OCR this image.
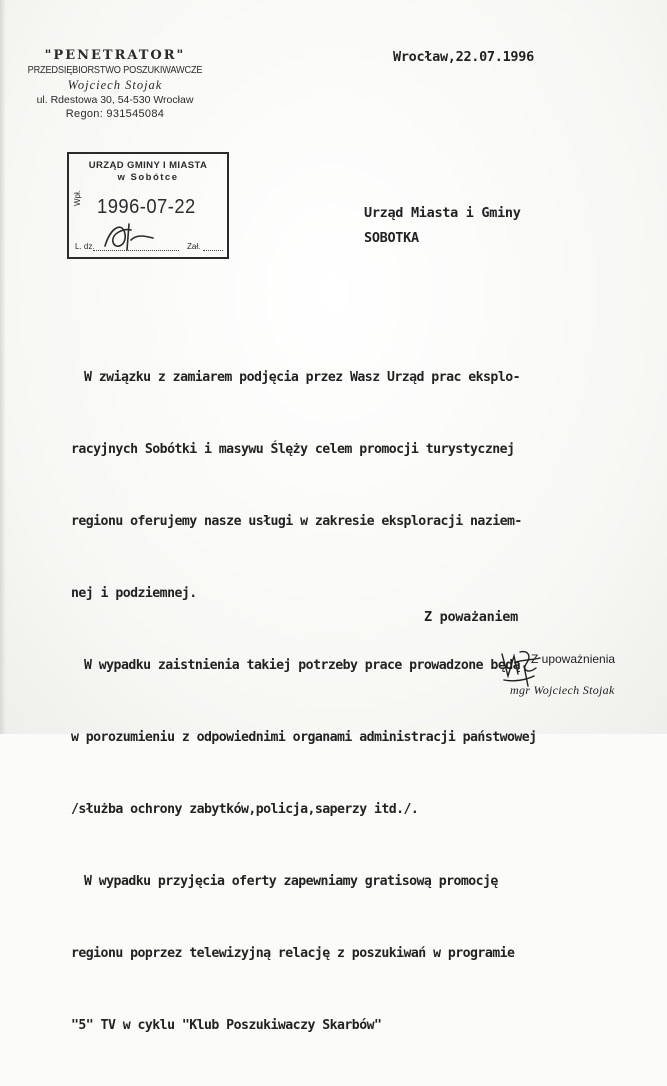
"PENETRATOR"
PRZEDSIĘBIORSTWO POSZUKIWAWCZE
Wojciech Stojak
ul. Rdestowa 30, 54-530 Wrocław
Regon: 931545084
Wrocław,22.07.1996
URZĄD GMINY I MIASTA
w Sobótce
Wpł. 1996-07-22
L. dz.	Zał.
Urząd Miasta i Gminy
SOBOTKA

W związku z zamiarem podjęcia przez Wasz Urząd prac eksplo-

racyjnych Sobótki i masywu Ślęży celem promocji turystycznej

regionu oferujemy nasze usługi w zakresie eksploracji naziem-

nej i podziemnej.

W wypadku zaistnienia takiej potrzeby prace prowadzone będą

w porozumieniu z odpowiednimi organami administracji państwowej

/służba ochrony zabytków,policja,saperzy itd./.

W wypadku przyjęcia oferty zapewniamy gratisową promocję

regionu poprzez telewizyjną relację z poszukiwań w programie

"5" TV w cyklu "Klub Poszukiwaczy Skarbów"

Z poważaniem
Z upoważnienia
mgr Wojciech Stojak
